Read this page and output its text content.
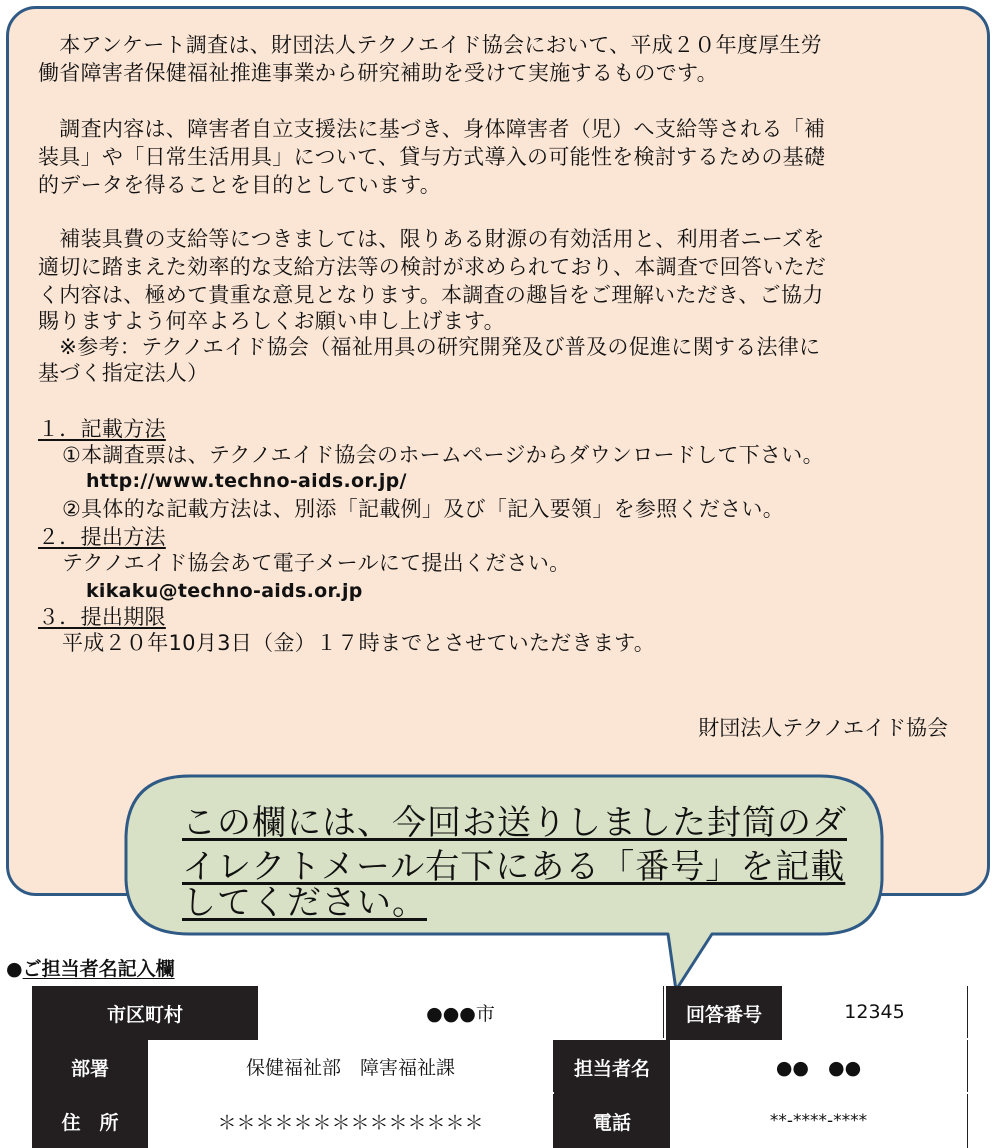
　本アンケート調査は、財団法人テクノエイド協会において、平成２０年度厚生労
働省障害者保健福祉推進事業から研究補助を受けて実施するものです。
　調査内容は、障害者自立支援法に基づき、身体障害者（児）へ支給等される「補
装具」や「日常生活用具」について、貸与方式導入の可能性を検討するための基礎
的データを得ることを目的としています。
　補装具費の支給等につきましては、限りある財源の有効活用と、利用者ニーズを
適切に踏まえた効率的な支給方法等の検討が求められており、本調査で回答いただ
く内容は、極めて貴重な意見となります。本調査の趣旨をご理解いただき、ご協力
賜りますよう何卒よろしくお願い申し上げます。
　※参考：テクノエイド協会（福祉用具の研究開発及び普及の促進に関する法律に
基づく指定法人）
１．記載方法
①本調査票は、テクノエイド協会のホームページからダウンロードして下さい。
http://www.techno-aids.or.jp/
②具体的な記載方法は、別添「記載例」及び「記入要領」を参照ください。
２．提出方法
テクノエイド協会あて電子メールにて提出ください。
kikaku@techno-aids.or.jp
３．提出期限
平成２０年10月3日（金）１７時までとさせていただきます。
財団法人テクノエイド協会
この欄には、今回お送りしました封筒のダ
イレクトメール右下にある「番号」を記載
してください。
●ご担当者名記入欄
市区町村	●●●市	回答番号	12345
部署	保健福祉部　障害福祉課	担当者名	●●　●●
住　所	＊＊＊＊＊＊＊＊＊＊＊＊＊＊	電話	**-****-****
